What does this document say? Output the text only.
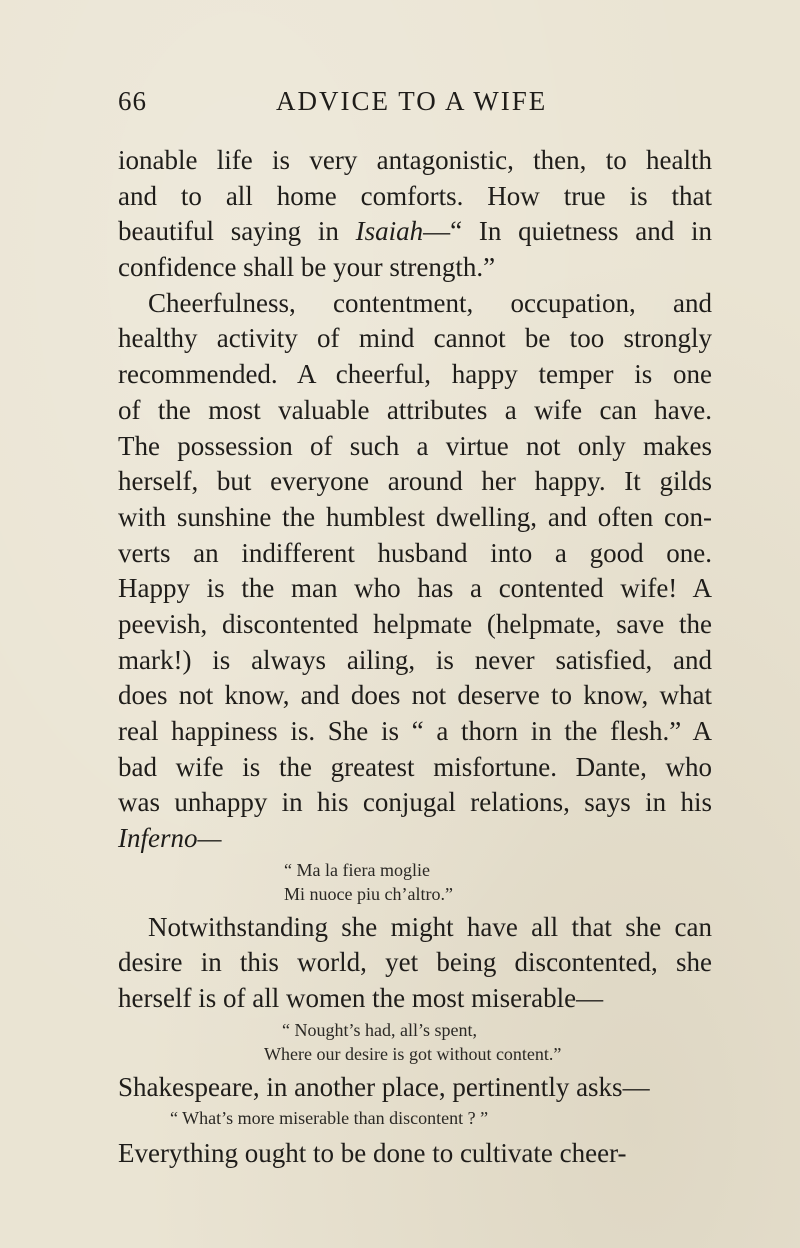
66	ADVICE TO A WIFE
ionable life is very antagonistic, then, to health
and to all home comforts. How true is that
beautiful saying in Isaiah—“ In quietness and in
confidence shall be your strength.”
Cheerfulness, contentment, occupation, and
healthy activity of mind cannot be too strongly
recommended. A cheerful, happy temper is one
of the most valuable attributes a wife can have.
The possession of such a virtue not only makes
herself, but everyone around her happy. It gilds
with sunshine the humblest dwelling, and often con-
verts an indifferent husband into a good one.
Happy is the man who has a contented wife! A
peevish, discontented helpmate (helpmate, save the
mark!) is always ailing, is never satisfied, and
does not know, and does not deserve to know, what
real happiness is. She is “ a thorn in the flesh.” A
bad wife is the greatest misfortune. Dante, who
was unhappy in his conjugal relations, says in his
Inferno—
“ Ma la fiera moglie
Mi nuoce piu ch’altro.”
Notwithstanding she might have all that she can
desire in this world, yet being discontented, she
herself is of all women the most miserable—
“ Nought’s had, all’s spent,
Where our desire is got without content.”
Shakespeare, in another place, pertinently asks—
“ What’s more miserable than discontent ? ”
Everything ought to be done to cultivate cheer-
